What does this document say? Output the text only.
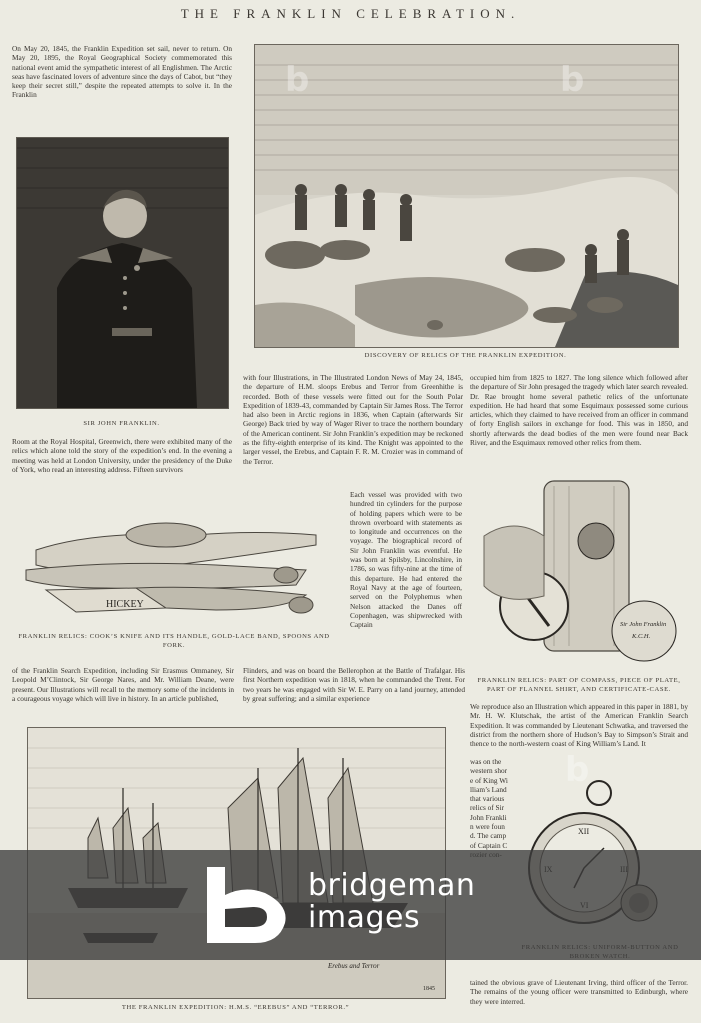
THE FRANKLIN CELEBRATION.
On May 20, 1845, the Franklin Expedition set sail, never to return. On May 20, 1895, the Royal Geographical Society commemorated this national event amid the sympathetic interest of all Englishmen. The Arctic seas have fascinated lovers of adventure since the days of Cabot, but “they keep their secret still,” despite the repeated attempts to solve it. In the Franklin
DISCOVERY OF RELICS OF THE FRANKLIN EXPEDITION.
SIR JOHN FRANKLIN.
Room at the Royal Hospital, Greenwich, there were exhibited many of the relics which alone told the story of the expedition’s end. In the evening a meeting was held at London University, under the presidency of the Duke of York, who read an interesting address. Fifteen survivors
HICKEY
FRANKLIN RELICS: COOK’S KNIFE AND ITS HANDLE, GOLD-LACE BAND, SPOONS AND FORK.
of the Franklin Search Expedition, including Sir Erasmus Ommaney, Sir Leopold M’Clintock, Sir George Nares, and Mr. William Deane, were present. Our Illustrations will recall to the memory some of the incidents in a courageous voyage which will live in history. In an article published,
with four Illustrations, in The Illustrated London News of May 24, 1845, the departure of H.M. sloops Erebus and Terror from Greenhithe is recorded. Both of these vessels were fitted out for the South Polar Expedition of 1839-43, commanded by Captain Sir James Ross. The Terror had also been in Arctic regions in 1836, when Captain (afterwards Sir George) Back tried by way of Wager River to trace the northern boundary of the American continent. Sir John Franklin’s expedition may be reckoned as the fifty-eighth enterprise of its kind. The Knight was appointed to the larger vessel, the Erebus, and Captain F. R. M. Crozier was in command of the Terror.
Each vessel was provided with two hundred tin cylinders for the purpose of holding papers which were to be thrown overboard with statements as to longitude and occurrences on the voyage. The biographical record of Sir John Franklin was eventful. He was born at Spilsby, Lincolnshire, in 1786, so was fifty-nine at the time of this departure. He had entered the Royal Navy at the age of fourteen, served on the Polyphemus when Nelson attacked the Danes off Copenhagen, was shipwrecked with Captain
Flinders, and was on board the Bellerophon at the Battle of Trafalgar. His first Northern expedition was in 1818, when he commanded the Trent. For two years he was engaged with Sir W. E. Parry on a land journey, attended by great suffering; and a similar experience
occupied him from 1825 to 1827. The long silence which followed after the departure of Sir John presaged the tragedy which later search revealed. Dr. Rae brought home several pathetic relics of the unfortunate expedition. He had heard that some Esquimaux possessed some curious articles, which they claimed to have received from an officer in command of forty English sailors in exchange for food. This was in 1850, and shortly afterwards the dead bodies of the men were found near Back River, and the Esquimaux removed other relics from them.
Sir John Franklin
K.C.H.
FRANKLIN RELICS: PART OF COMPASS, PIECE OF PLATE, PART OF FLANNEL SHIRT, AND CERTIFICATE-CASE.
We reproduce also an Illustration which appeared in this paper in 1881, by Mr. H. W. Klutschak, the artist of the American Franklin Search Expedition. It was commanded by Lieutenant Schwatka, and traversed the district from the northern shore of Hudson’s Bay to Simpson’s Strait and thence to the north-western coast of King William’s Land. It
was on the western shore of King William’s Land that various relics of Sir John Franklin were found. The camp of Captain C
XII
tained the obvious grave of Lieutenant Irving, third officer of the Terror. The remains of the young officer were transmitted to Edinburgh, where they were interred.
Erebus and Terror
1845
THE FRANKLIN EXPEDITION: H.M.S. “EREBUS” AND “TERROR.”
b	b
b
bridgeman
images
